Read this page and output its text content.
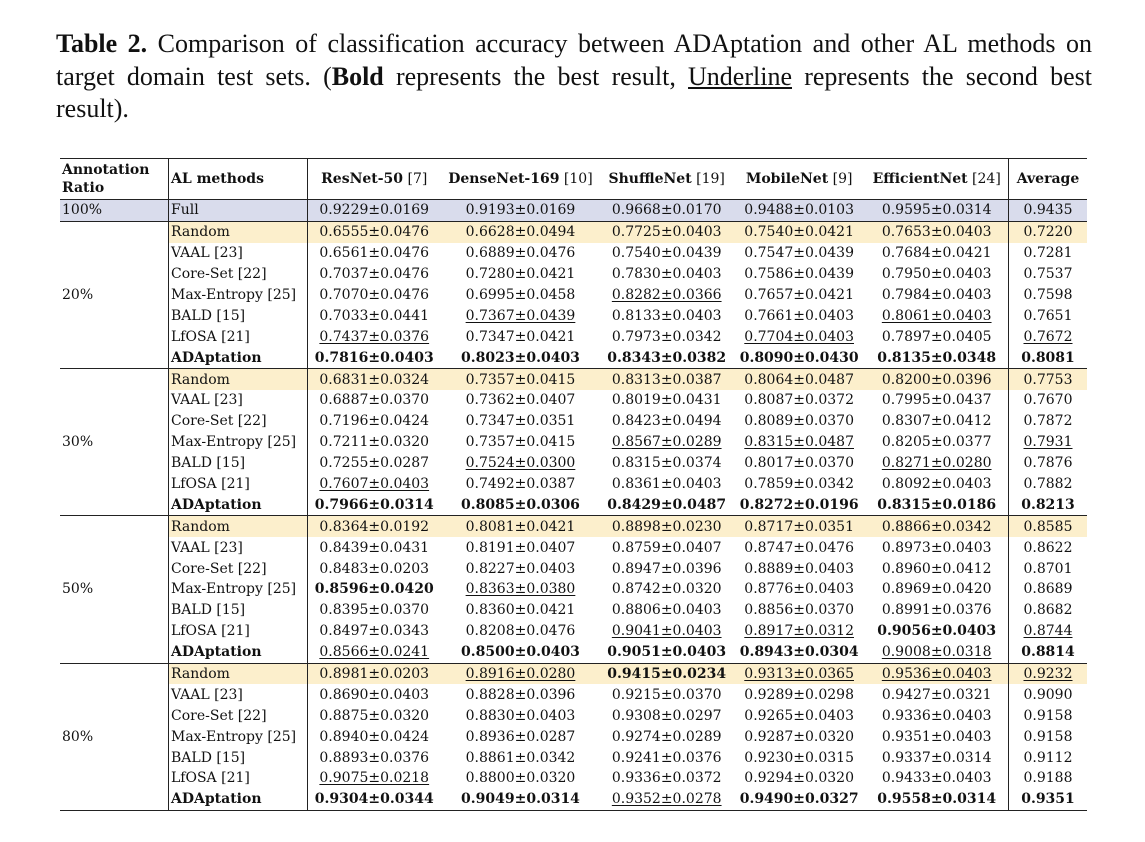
Table 2. Comparison of classification accuracy between ADAptation and other AL methods on target domain test sets. (Bold represents the best result, Underline represents the second best result).
Annotation
Ratio	AL methods	ResNet-50 [7]	DenseNet-169 [10]	ShuffleNet [19]	MobileNet [9]	EfficientNet [24]	Average
100%	Full	0.9229±0.0169	0.9193±0.0169	0.9668±0.0170	0.9488±0.0103	0.9595±0.0314	0.9435
20%	Random	0.6555±0.0476	0.6628±0.0494	0.7725±0.0403	0.7540±0.0421	0.7653±0.0403	0.7220
	VAAL [23]	0.6561±0.0476	0.6889±0.0476	0.7540±0.0439	0.7547±0.0439	0.7684±0.0421	0.7281
	Core-Set [22]	0.7037±0.0476	0.7280±0.0421	0.7830±0.0403	0.7586±0.0439	0.7950±0.0403	0.7537
	Max-Entropy [25]	0.7070±0.0476	0.6995±0.0458	0.8282±0.0366	0.7657±0.0421	0.7984±0.0403	0.7598
	BALD [15]	0.7033±0.0441	0.7367±0.0439	0.8133±0.0403	0.7661±0.0403	0.8061±0.0403	0.7651
	LfOSA [21]	0.7437±0.0376	0.7347±0.0421	0.7973±0.0342	0.7704±0.0403	0.7897±0.0405	0.7672
	ADAptation	0.7816±0.0403	0.8023±0.0403	0.8343±0.0382	0.8090±0.0430	0.8135±0.0348	0.8081
30%	Random	0.6831±0.0324	0.7357±0.0415	0.8313±0.0387	0.8064±0.0487	0.8200±0.0396	0.7753
	VAAL [23]	0.6887±0.0370	0.7362±0.0407	0.8019±0.0431	0.8087±0.0372	0.7995±0.0437	0.7670
	Core-Set [22]	0.7196±0.0424	0.7347±0.0351	0.8423±0.0494	0.8089±0.0370	0.8307±0.0412	0.7872
	Max-Entropy [25]	0.7211±0.0320	0.7357±0.0415	0.8567±0.0289	0.8315±0.0487	0.8205±0.0377	0.7931
	BALD [15]	0.7255±0.0287	0.7524±0.0300	0.8315±0.0374	0.8017±0.0370	0.8271±0.0280	0.7876
	LfOSA [21]	0.7607±0.0403	0.7492±0.0387	0.8361±0.0403	0.7859±0.0342	0.8092±0.0403	0.7882
	ADAptation	0.7966±0.0314	0.8085±0.0306	0.8429±0.0487	0.8272±0.0196	0.8315±0.0186	0.8213
50%	Random	0.8364±0.0192	0.8081±0.0421	0.8898±0.0230	0.8717±0.0351	0.8866±0.0342	0.8585
	VAAL [23]	0.8439±0.0431	0.8191±0.0407	0.8759±0.0407	0.8747±0.0476	0.8973±0.0403	0.8622
	Core-Set [22]	0.8483±0.0203	0.8227±0.0403	0.8947±0.0396	0.8889±0.0403	0.8960±0.0412	0.8701
	Max-Entropy [25]	0.8596±0.0420	0.8363±0.0380	0.8742±0.0320	0.8776±0.0403	0.8969±0.0420	0.8689
	BALD [15]	0.8395±0.0370	0.8360±0.0421	0.8806±0.0403	0.8856±0.0370	0.8991±0.0376	0.8682
	LfOSA [21]	0.8497±0.0343	0.8208±0.0476	0.9041±0.0403	0.8917±0.0312	0.9056±0.0403	0.8744
	ADAptation	0.8566±0.0241	0.8500±0.0403	0.9051±0.0403	0.8943±0.0304	0.9008±0.0318	0.8814
80%	Random	0.8981±0.0203	0.8916±0.0280	0.9415±0.0234	0.9313±0.0365	0.9536±0.0403	0.9232
	VAAL [23]	0.8690±0.0403	0.8828±0.0396	0.9215±0.0370	0.9289±0.0298	0.9427±0.0321	0.9090
	Core-Set [22]	0.8875±0.0320	0.8830±0.0403	0.9308±0.0297	0.9265±0.0403	0.9336±0.0403	0.9158
	Max-Entropy [25]	0.8940±0.0424	0.8936±0.0287	0.9274±0.0289	0.9287±0.0320	0.9351±0.0403	0.9158
	BALD [15]	0.8893±0.0376	0.8861±0.0342	0.9241±0.0376	0.9230±0.0315	0.9337±0.0314	0.9112
	LfOSA [21]	0.9075±0.0218	0.8800±0.0320	0.9336±0.0372	0.9294±0.0320	0.9433±0.0403	0.9188
	ADAptation	0.9304±0.0344	0.9049±0.0314	0.9352±0.0278	0.9490±0.0327	0.9558±0.0314	0.9351
